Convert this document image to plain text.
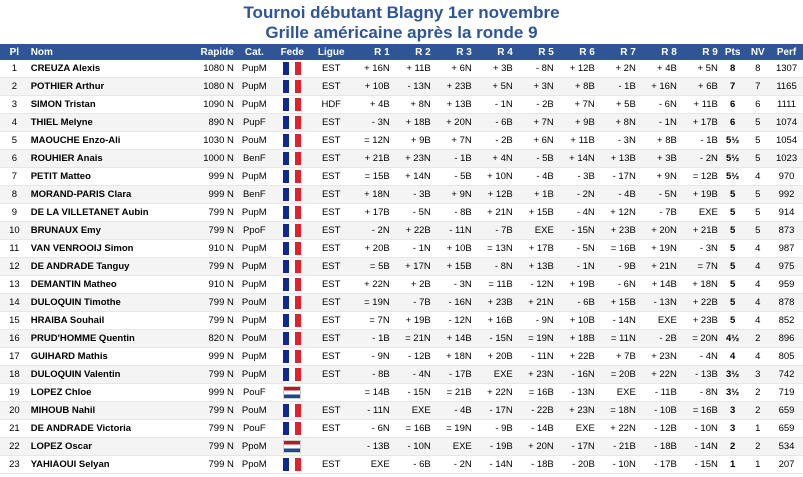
Tournoi débutant Blagny 1er novembre
Grille américaine après la ronde 9
Pl	Nom	Rapide	Cat.	Fede	Ligue	R 1	R 2	R 3	R 4	R 5	R 6	R 7	R 8	R 9	Pts	NV	Perf
1	CREUZA Alexis	1080 N	PupM		EST	+ 16N	+ 11B	+ 6N	+ 3B	- 8N	+ 12B	+ 2N	+ 4B	+ 5N	8	8	1307
2	POTHIER Arthur	1080 N	PupM		EST	+ 10B	- 13N	+ 23B	+ 5N	+ 3N	+ 8B	- 1B	+ 16N	+ 6B	7	7	1165
3	SIMON Tristan	1090 N	PupM		HDF	+ 4B	+ 8N	+ 13B	- 1N	- 2B	+ 7N	+ 5B	- 6N	+ 11B	6	6	1111
4	THIEL Melyne	890 N	PupF		EST	- 3N	+ 18B	+ 20N	- 6B	+ 7N	+ 9B	+ 8N	- 1N	+ 17B	6	5	1074
5	MAOUCHE Enzo-Ali	1030 N	PouM		EST	= 12N	+ 9B	+ 7N	- 2B	+ 6N	+ 11B	- 3N	+ 8B	- 1B	5½	5	1054
6	ROUHIER Anais	1000 N	BenF		EST	+ 21B	+ 23N	- 1B	+ 4N	- 5B	+ 14N	+ 13B	+ 3B	- 2N	5½	5	1023
7	PETIT Matteo	999 N	PupM		EST	= 15B	+ 14N	- 5B	+ 10N	- 4B	- 3B	- 17N	+ 9N	= 12B	5½	4	970
8	MORAND-PARIS Clara	999 N	BenF		EST	+ 18N	- 3B	+ 9N	+ 12B	+ 1B	- 2N	- 4B	- 5N	+ 19B	5	5	992
9	DE LA VILLETANET Aubin	799 N	PupM		EST	+ 17B	- 5N	- 8B	+ 21N	+ 15B	- 4N	+ 12N	- 7B	EXE	5	5	914
10	BRUNAUX Emy	799 N	PpoF		EST	- 2N	+ 22B	- 11N	- 7B	EXE	- 15N	+ 23B	+ 20N	+ 21B	5	5	873
11	VAN VENROOIJ Simon	910 N	PupM		EST	+ 20B	- 1N	+ 10B	= 13N	+ 17B	- 5N	= 16B	+ 19N	- 3N	5	4	987
12	DE ANDRADE Tanguy	799 N	PupM		EST	= 5B	+ 17N	+ 15B	- 8N	+ 13B	- 1N	- 9B	+ 21N	= 7N	5	4	975
13	DEMANTIN Matheo	910 N	PupM		EST	+ 22N	+ 2B	- 3N	= 11B	- 12N	+ 19B	- 6N	+ 14B	+ 18N	5	4	959
14	DULOQUIN Timothe	799 N	PouM		EST	= 19N	- 7B	- 16N	+ 23B	+ 21N	- 6B	+ 15B	- 13N	+ 22B	5	4	878
15	HRAIBA Souhail	799 N	PupM		EST	= 7N	+ 19B	- 12N	+ 16B	- 9N	+ 10B	- 14N	EXE	+ 23B	5	4	852
16	PRUD'HOMME Quentin	820 N	PouM		EST	- 1B	= 21N	+ 14B	- 15N	= 19N	+ 18B	= 11N	- 2B	= 20N	4½	2	896
17	GUIHARD Mathis	999 N	PupM		EST	- 9N	- 12B	+ 18N	+ 20B	- 11N	+ 22B	+ 7B	+ 23N	- 4N	4	4	805
18	DULOQUIN Valentin	799 N	PupM		EST	- 8B	- 4N	- 17B	EXE	+ 23N	- 16N	= 20B	+ 22N	- 13B	3½	3	742
19	LOPEZ Chloe	999 N	PouF			= 14B	- 15N	= 21B	+ 22N	= 16B	- 13N	EXE	- 11B	- 8N	3½	2	719
20	MIHOUB Nahil	799 N	PouM		EST	- 11N	EXE	- 4B	- 17N	- 22B	+ 23N	= 18N	- 10B	= 16B	3	2	659
21	DE ANDRADE Victoria	799 N	PouF		EST	- 6N	= 16B	= 19N	- 9B	- 14B	EXE	+ 22N	- 12B	- 10N	3	1	659
22	LOPEZ Oscar	799 N	PpoM			- 13B	- 10N	EXE	- 19B	+ 20N	- 17N	- 21B	- 18B	- 14N	2	2	534
23	YAHIAOUI Selyan	799 N	PpoM		EST	EXE	- 6B	- 2N	- 14N	- 18B	- 20B	- 10N	- 17B	- 15N	1	1	207
